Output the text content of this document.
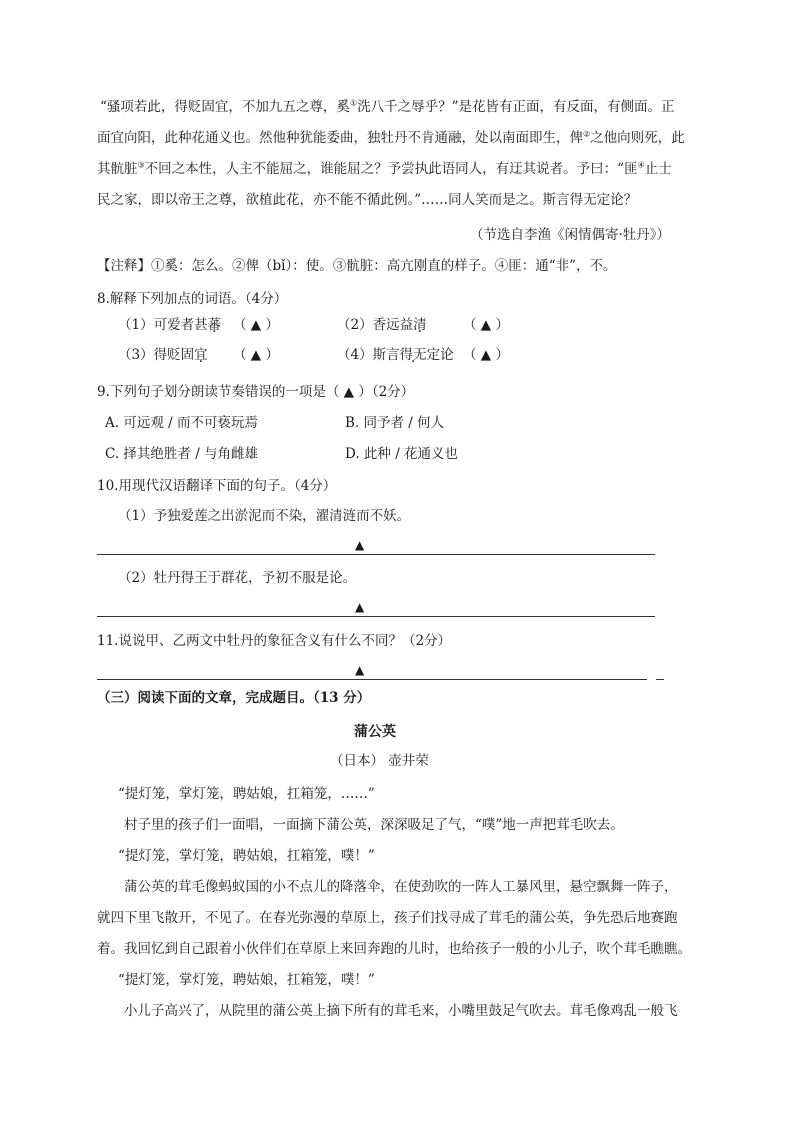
“骚项若此，得贬固宜，不加九五之尊，奚①洗八千之辱乎？”是花皆有正面，有反面，有侧面。正
面宜向阳，此种花通义也。然他种犹能委曲，独牡丹不肯通融，处以南面即生，俾②之他向则死，此
其骯脏③不回之本性，人主不能屈之，谁能屈之？予尝执此语同人，有迂其说者。予曰：“匪④止士
民之家，即以帝王之尊，欲植此花，亦不能不循此例。”……同人笑而是之。斯言得无定论？
（节选自李渔《闲情偶寄·牡丹》）
【注释】①奚：怎么。②俾（bǐ）：使。③骯脏：高亢刚直的样子。④匪：通“非”，不。
8.解释下列加点的词语。（4分）
（1）可爱者甚蕃 （ ▲ ）	（2）香远益清	（ ▲ ）
（3）得贬固宜 （ ▲ ）	（4）斯言得无定论 （ ▲ ）
9.下列句子划分朗读节奏错误的一项是（ ▲ ）（2分）
A. 可远观 / 而不可亵玩焉	B. 同予者 / 何人
C. 择其绝胜者 / 与角雌雄	D. 此种 / 花通义也
10.用现代汉语翻译下面的句子。（4分）
（1）予独爱莲之出淤泥而不染，濯清涟而不妖。
▲
（2）牡丹得王于群花，予初不服是论。
▲
11.说说甲、乙两文中牡丹的象征含义有什么不同？（2分）
▲
（三）阅读下面的文章，完成题目。（13 分）
蒲公英
（日本） 壶井荣
“提灯笼，掌灯笼，聘姑娘，扛箱笼，……”
村子里的孩子们一面唱，一面摘下蒲公英，深深吸足了气，“噗”地一声把茸毛吹去。
“提灯笼，掌灯笼，聘姑娘，扛箱笼，噗！”
蒲公英的茸毛像蚂蚁国的小不点儿的降落伞，在使劲吹的一阵人工暴风里，悬空飘舞一阵子，
就四下里飞散开，不见了。在春光弥漫的草原上，孩子们找寻成了茸毛的蒲公英，争先恐后地赛跑
着。我回忆到自己跟着小伙伴们在草原上来回奔跑的儿时，也给孩子一般的小儿子，吹个茸毛瞧瞧。
“提灯笼，掌灯笼，聘姑娘，扛箱笼，噗！”
小儿子高兴了，从院里的蒲公英上摘下所有的茸毛来，小嘴里鼓足气吹去。茸毛像鸡乱一般飞
